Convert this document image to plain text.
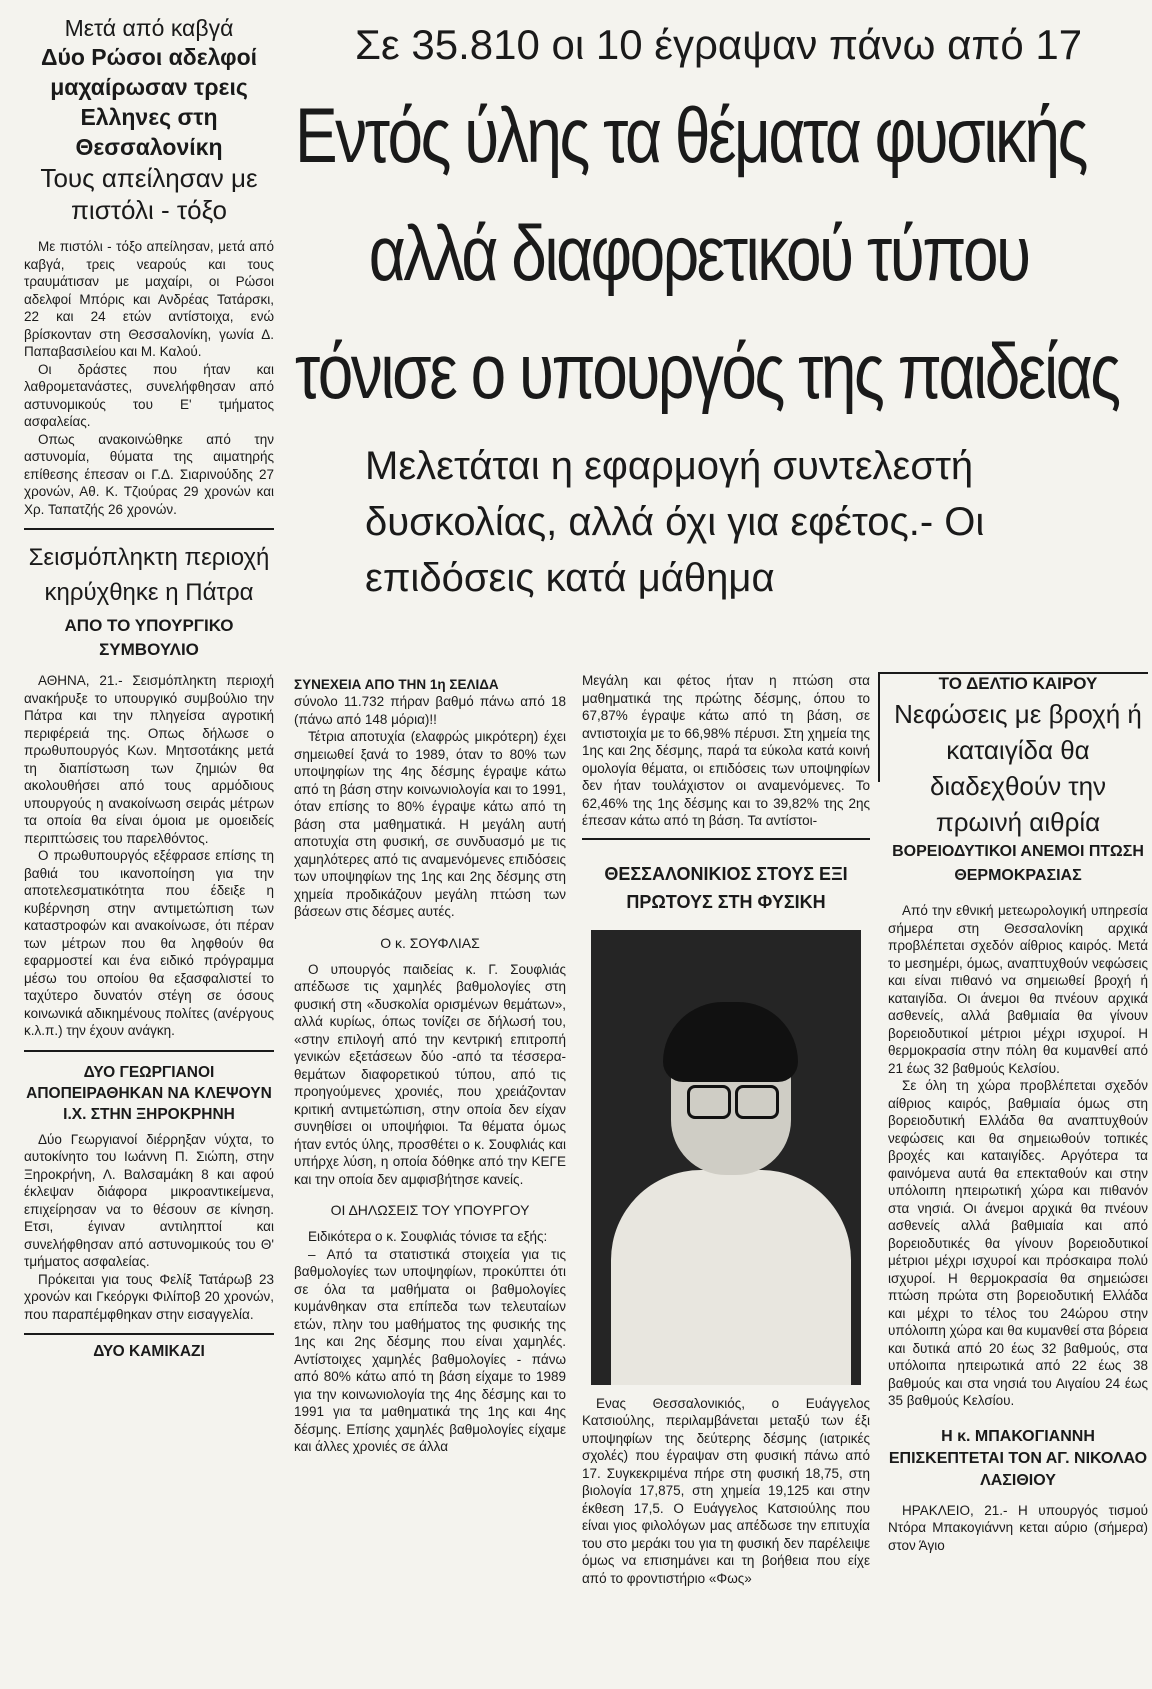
Μετά από καβγά
Δύο Ρώσοι αδελφοί μαχαίρωσαν τρεις Ελληνες στη Θεσσαλονίκη
Τους απείλησαν με πιστόλι - τόξο

Με πιστόλι - τόξο απείλησαν, μετά από καβγά, τρεις νεαρούς και τους τραυμάτισαν με μαχαίρι, οι Ρώσοι αδελφοί Μπόρις και Ανδρέας Τατάρσκι, 22 και 24 ετών αντίστοιχα, ενώ βρίσκονταν στη Θεσσαλονίκη, γωνία Δ. Παπαβασιλείου και Μ. Καλού.

Οι δράστες που ήταν και λαθρομετανάστες, συνελήφθησαν από αστυνομικούς του Ε' τμήματος ασφαλείας.

Οπως ανακοινώθηκε από την αστυνομία, θύματα της αιματηρής επίθεσης έπεσαν οι Γ.Δ. Σιαρινούδης 27 χρονών, Αθ. Κ. Τζιούρας 29 χρονών και Χρ. Ταπατζής 26 χρονών.

Σεισμόπληκτη περιοχή κηρύχθηκε η Πάτρα
ΑΠΟ ΤΟ ΥΠΟΥΡΓΙΚΟ ΣΥΜΒΟΥΛΙΟ

ΑΘΗΝΑ, 21.- Σεισμόπληκτη περιοχή ανακήρυξε το υπουργικό συμβούλιο την Πάτρα και την πληγείσα αγροτική περιφέρειά της. Οπως δήλωσε ο πρωθυπουργός Κων. Μητσοτάκης μετά τη διαπίστωση των ζημιών θα ακολουθήσει από τους αρμόδιους υπουργούς η ανακοίνωση σειράς μέτρων τα οποία θα είναι όμοια με ομοειδείς περιπτώσεις του παρελθόντος.

Ο πρωθυπουργός εξέφρασε επίσης τη βαθιά του ικανοποίηση για την αποτελεσματικότητα που έδειξε η κυβέρνηση στην αντιμετώπιση των καταστροφών και ανακοίνωσε, ότι πέραν των μέτρων που θα ληφθούν θα εφαρμοστεί και ένα ειδικό πρόγραμμα μέσω του οποίου θα εξασφαλιστεί το ταχύτερο δυνατόν στέγη σε όσους κοινωνικά αδικημένους πολίτες (ανέργους κ.λ.π.) την έχουν ανάγκη.

ΔΥΟ ΓΕΩΡΓΙΑΝΟΙ ΑΠΟΠΕΙΡΑΘΗΚΑΝ ΝΑ ΚΛΕΨΟΥΝ Ι.Χ. ΣΤΗΝ ΞΗΡΟΚΡΗΝΗ

Δύο Γεωργιανοί διέρρηξαν νύχτα, το αυτοκίνητο του Ιωάννη Π. Σιώπη, στην Ξηροκρήνη, Λ. Βαλσαμάκη 8 και αφού έκλεψαν διάφορα μικροαντικείμενα, επιχείρησαν να το θέσουν σε κίνηση. Ετσι, έγιναν αντιληπτοί και συνελήφθησαν από αστυνομικούς του Θ' τμήματος ασφαλείας.

Πρόκειται για τους Φελίξ Τατάρωβ 23 χρονών και Γκεόργκι Φιλίποβ 20 χρονών, που παραπέμφθηκαν στην εισαγγελία.

ΔΥΟ ΚΑΜΙΚΑΖΙ
Σε 35.810 οι 10 έγραψαν πάνω από 17
Εντός ύλης τα θέματα φυσικής
αλλά διαφορετικού τύπου
τόνισε ο υπουργός της παιδείας
Μελετάται η εφαρμογή συντελεστή δυσκολίας, αλλά όχι για εφέτος.- Οι επιδόσεις κατά μάθημα
ΣΥΝΕΧΕΙΑ ΑΠΟ ΤΗΝ 1η ΣΕΛΙΔΑ

σύνολο 11.732 πήραν βαθμό πάνω από 18 (πάνω από 148 μόρια)!!

Τέτρια αποτυχία (ελαφρώς μικρότερη) έχει σημειωθεί ξανά το 1989, όταν το 80% των υποψηφίων της 4ης δέσμης έγραψε κάτω από τη βάση στην κοινωνιολογία και το 1991, όταν επίσης το 80% έγραψε κάτω από τη βάση στα μαθηματικά. Η μεγάλη αυτή αποτυχία στη φυσική, σε συνδυασμό με τις χαμηλότερες από τις αναμενόμενες επιδόσεις των υποψηφίων της 1ης και 2ης δέσμης στη χημεία προδικάζουν μεγάλη πτώση των βάσεων στις δέσμες αυτές.

Ο κ. ΣΟΥΦΛΙΑΣ

Ο υπουργός παιδείας κ. Γ. Σουφλιάς απέδωσε τις χαμηλές βαθμολογίες στη φυσική στη «δυσκολία ορισμένων θεμάτων», αλλά κυρίως, όπως τονίζει σε δήλωσή του, «στην επιλογή από την κεντρική επιτροπή γενικών εξετάσεων δύο -από τα τέσσερα- θεμάτων διαφορετικού τύπου, από τις προηγούμενες χρονιές, που χρειάζονταν κριτική αντιμετώπιση, στην οποία δεν είχαν συνηθίσει οι υποψήφιοι. Τα θέματα όμως ήταν εντός ύλης, προσθέτει ο κ. Σουφλιάς και υπήρχε λύση, η οποία δόθηκε από την ΚΕΓΕ και την οποία δεν αμφισβήτησε κανείς.

ΟΙ ΔΗΛΩΣΕΙΣ ΤΟΥ ΥΠΟΥΡΓΟΥ

Ειδικότερα ο κ. Σουφλιάς τόνισε τα εξής:

– Από τα στατιστικά στοιχεία για τις βαθμολογίες των υποψηφίων, προκύπτει ότι σε όλα τα μαθήματα οι βαθμολογίες κυμάνθηκαν στα επίπεδα των τελευταίων ετών, πλην του μαθήματος της φυσικής της 1ης και 2ης δέσμης που είναι χαμηλές. Αντίστοιχες χαμηλές βαθμολογίες - πάνω από 80% κάτω από τη βάση είχαμε το 1989 για την κοινωνιολογία της 4ης δέσμης και το 1991 για τα μαθηματικά της 1ης και 4ης δέσμης. Επίσης χαμηλές βαθμολογίες είχαμε και άλλες χρονιές σε άλλα

Μεγάλη και φέτος ήταν η πτώση στα μαθηματικά της πρώτης δέσμης, όπου το 67,87% έγραψε κάτω από τη βάση, σε αντιστοιχία με το 66,98% πέρυσι. Στη χημεία της 1ης και 2ης δέσμης, παρά τα εύκολα κατά κοινή ομολογία θέματα, οι επιδόσεις των υποψηφίων δεν ήταν τουλάχιστον οι αναμενόμενες. Το 62,46% της 1ης δέσμης και το 39,82% της 2ης έπεσαν κάτω από τη βάση. Τα αντίστοι-

ΘΕΣΣΑΛΟΝΙΚΙΟΣ ΣΤΟΥΣ ΕΞΙ ΠΡΩΤΟΥΣ ΣΤΗ ΦΥΣΙΚΗ

Ενας Θεσσαλονικιός, ο Ευάγγελος Κατσιούλης, περιλαμβάνεται μεταξύ των έξι υποψηφίων της δεύτερης δέσμης (ιατρικές σχολές) που έγραψαν στη φυσική πάνω από 17. Συγκεκριμένα πήρε στη φυσική 18,75, στη βιολογία 17,875, στη χημεία 19,125 και στην έκθεση 17,5. Ο Ευάγγελος Κατσιούλης που είναι γιος φιλολόγων μας απέδωσε την επιτυχία του στο μεράκι του για τη φυσική δεν παρέλειψε όμως να επισημάνει και τη βοήθεια που είχε από το φροντιστήριο «Φως»

ΤΟ ΔΕΛΤΙΟ ΚΑΙΡΟΥ
Νεφώσεις με βροχή ή καταιγίδα θα διαδεχθούν την πρωινή αιθρία
ΒΟΡΕΙΟΔΥΤΙΚΟΙ ΑΝΕΜΟΙ ΠΤΩΣΗ ΘΕΡΜΟΚΡΑΣΙΑΣ

Από την εθνική μετεωρολογική υπηρεσία σήμερα στη Θεσσαλονίκη αρχικά προβλέπεται σχεδόν αίθριος καιρός. Μετά το μεσημέρι, όμως, αναπτυχθούν νεφώσεις και είναι πιθανό να σημειωθεί βροχή ή καταιγίδα. Οι άνεμοι θα πνέουν αρχικά ασθενείς, αλλά βαθμιαία θα γίνουν βορειοδυτικοί μέτριοι μέχρι ισχυροί. Η θερμοκρασία στην πόλη θα κυμανθεί από 21 έως 32 βαθμούς Κελσίου.

Σε όλη τη χώρα προβλέπεται σχεδόν αίθριος καιρός, βαθμιαία όμως στη βορειοδυτική Ελλάδα θα αναπτυχθούν νεφώσεις και θα σημειωθούν τοπικές βροχές και καταιγίδες. Αργότερα τα φαινόμενα αυτά θα επεκταθούν και στην υπόλοιπη ηπειρωτική χώρα και πιθανόν στα νησιά. Οι άνεμοι αρχικά θα πνέουν ασθενείς αλλά βαθμιαία και από βορειοδυτικές θα γίνουν βορειοδυτικοί μέτριοι μέχρι ισχυροί και πρόσκαιρα πολύ ισχυροί. Η θερμοκρασία θα σημειώσει πτώση πρώτα στη βορειοδυτική Ελλάδα και μέχρι το τέλος του 24ώρου στην υπόλοιπη χώρα και θα κυμανθεί στα βόρεια και δυτικά από 20 έως 32 βαθμούς, στα υπόλοιπα ηπειρωτικά από 22 έως 38 βαθμούς και στα νησιά του Αιγαίου 24 έως 35 βαθμούς Κελσίου.

Η κ. ΜΠΑΚΟΓΙΑΝΝΗ ΕΠΙΣΚΕΠΤΕΤΑΙ ΤΟΝ ΑΓ. ΝΙΚΟΛΑΟ ΛΑΣΙΘΙΟΥ

ΗΡΑΚΛΕΙΟ, 21.- Η υπουργός τισμού Ντόρα Μπακογιάννη κεται αύριο (σήμερα) στον Άγιο
